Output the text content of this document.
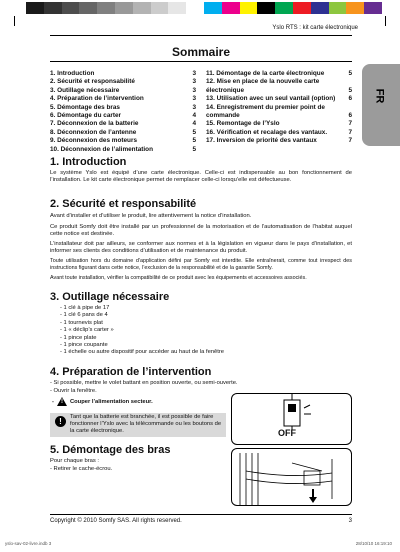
Yslo RTS : kit carte électronique
Sommaire
1. Introduction	3
2. Sécurité et responsabilité	3
3. Outillage nécessaire	3
4. Préparation de l’intervention	3
5. Démontage des bras	3
6. Démontage du carter	4
7. Déconnexion de la batterie	4
8. Déconnexion de l’antenne	5
9. Déconnexion des moteurs	5
10. Déconnexion de l’alimentation	5
11. Démontage de la carte électronique	5
12. Mise en place de la nouvelle carte
électronique	5
13. Utilisation avec un seul vantail (option)	6
14. Enregistrement du premier point de
commande	6
15. Remontage de l’Yslo	7
16. Vérification et recalage des vantaux.	7
17. Inversion de priorité des vantaux	7
FR
1. Introduction
Le système Yslo est équipé d’une carte électronique. Celle-ci est indispensable au bon fonctionnement de l’installation. Le kit carte électronique permet de remplacer celle-ci lorsqu’elle est défectueuse.
2. Sécurité et responsabilité
Avant d’installer et d’utiliser le produit, lire attentivement la notice d’installation.
Ce produit Somfy doit être installé par un professionnel de la motorisation et de l’automatisation de l’habitat auquel cette notice est destinée.
L’installateur doit par ailleurs, se conformer aux normes et à la législation en vigueur dans le pays d’installation, et informer ses clients des conditions d’utilisation et de maintenance du produit.
Toute utilisation hors du domaine d’application défini par Somfy est interdite. Elle entraînerait, comme tout irrespect des instructions figurant dans cette notice, l’exclusion de la responsabilité et de la garantie Somfy.
Avant toute installation, vérifier la compatibilité de ce produit avec les équipements et accessoires associés.
3. Outillage nécessaire
- 1 clé à pipe de 17
- 1 clé 6 pans de 4
- 1 tournevis plat
- 1 « déclip’s carter »
- 1 pince plate
- 1 pince coupante
- 1 échelle ou autre dispositif pour accéder au haut de la fenêtre
4. Préparation de l’intervention
- Si possible, mettre le volet battant en position ouverte, ou semi-ouverte.
- Ouvrir la fenêtre.
- !	Couper l’alimentation secteur.
!	Tant que la batterie est branchée, il est possible de faire fonctionner l’Yslo avec la télécommande ou les boutons de la carte électronique.	OFF
5. Démontage des bras
Pour chaque bras :
- Retirer le cache-écrou.
Copyright © 2010 Somfy SAS. All rights reserved.	3
yslo-sav-02-livre.indb 3	28/10/10 16:19:10
